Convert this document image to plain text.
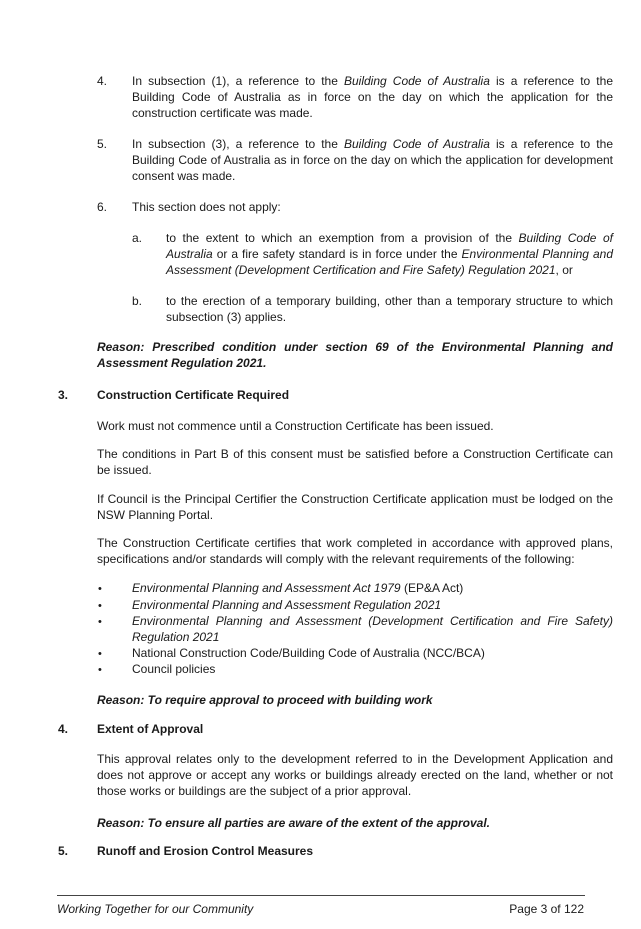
4. In subsection (1), a reference to the Building Code of Australia is a reference to the Building Code of Australia as in force on the day on which the application for the construction certificate was made.
5. In subsection (3), a reference to the Building Code of Australia is a reference to the Building Code of Australia as in force on the day on which the application for development consent was made.
6. This section does not apply:
a. to the extent to which an exemption from a provision of the Building Code of Australia or a fire safety standard is in force under the Environmental Planning and Assessment (Development Certification and Fire Safety) Regulation 2021, or
b. to the erection of a temporary building, other than a temporary structure to which subsection (3) applies.
Reason: Prescribed condition under section 69 of the Environmental Planning and Assessment Regulation 2021.
3. Construction Certificate Required
Work must not commence until a Construction Certificate has been issued.
The conditions in Part B of this consent must be satisfied before a Construction Certificate can be issued.
If Council is the Principal Certifier the Construction Certificate application must be lodged on the NSW Planning Portal.
The Construction Certificate certifies that work completed in accordance with approved plans, specifications and/or standards will comply with the relevant requirements of the following:
•	Environmental Planning and Assessment Act 1979 (EP&A Act)
•	Environmental Planning and Assessment Regulation 2021
•	Environmental Planning and Assessment (Development Certification and Fire Safety) Regulation 2021
•	National Construction Code/Building Code of Australia (NCC/BCA)
•	Council policies
Reason: To require approval to proceed with building work
4. Extent of Approval
This approval relates only to the development referred to in the Development Application and does not approve or accept any works or buildings already erected on the land, whether or not those works or buildings are the subject of a prior approval.
Reason: To ensure all parties are aware of the extent of the approval.
5. Runoff and Erosion Control Measures
Working Together for our Community	Page 3 of 122
